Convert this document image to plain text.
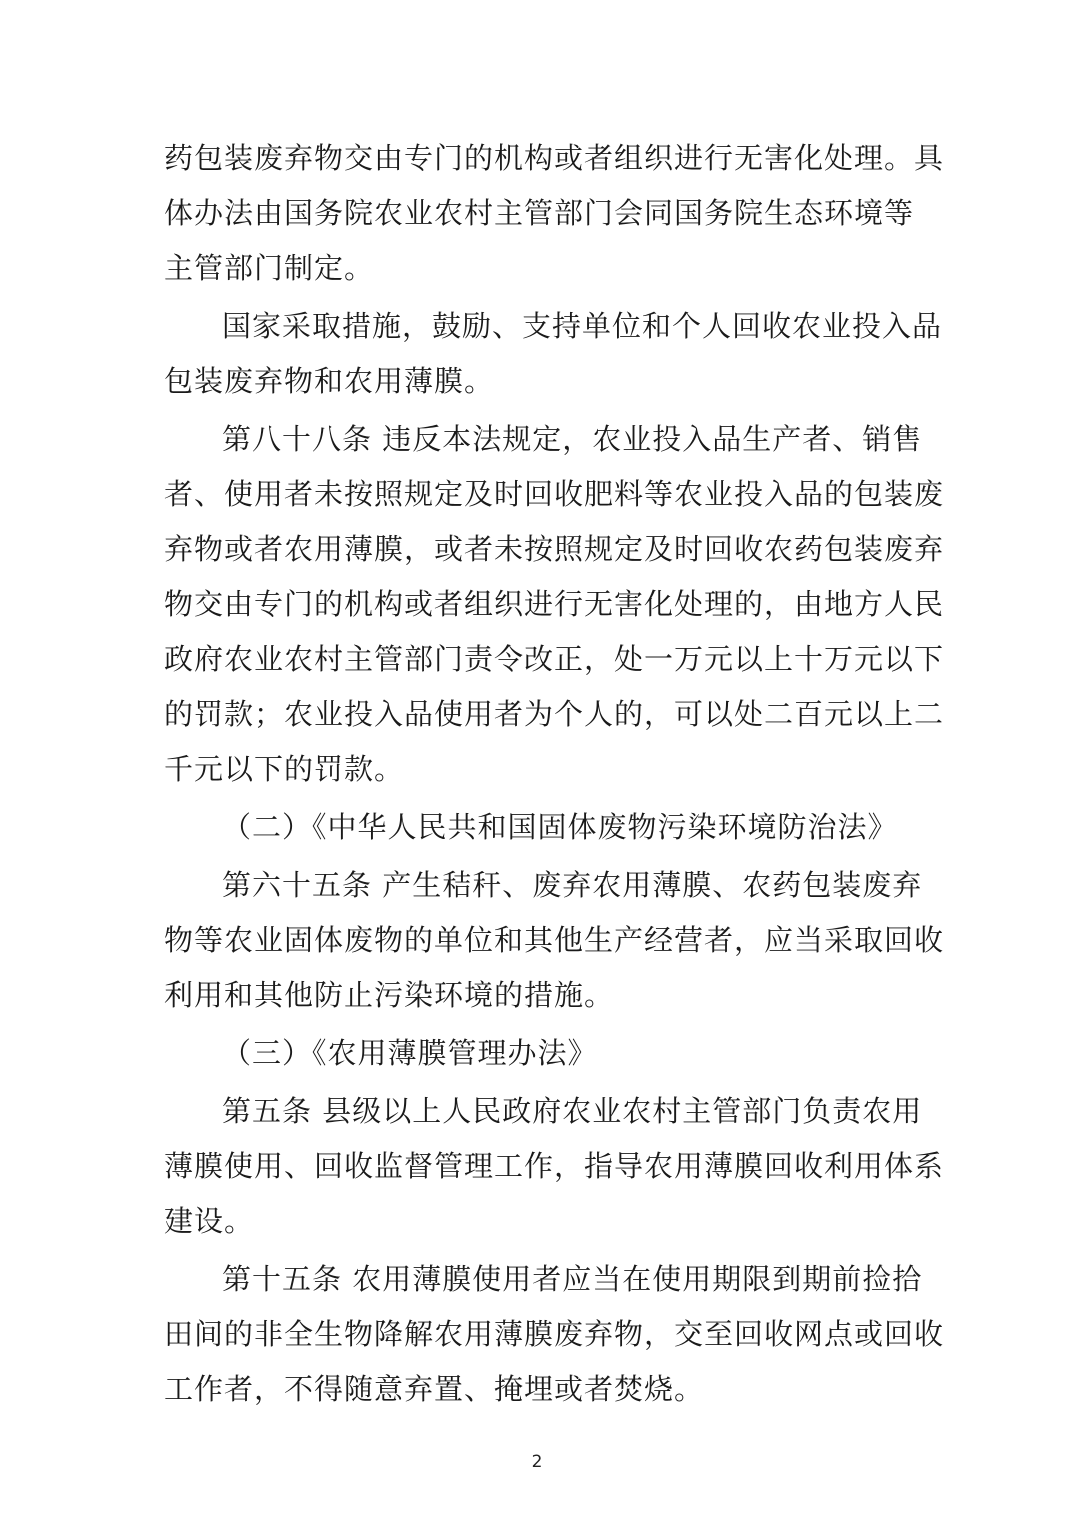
药包装废弃物交由专门的机构或者组织进行无害化处理。具
体办法由国务院农业农村主管部门会同国务院生态环境等
主管部门制定。
国家采取措施，鼓励、支持单位和个人回收农业投入品
包装废弃物和农用薄膜。
第八十八条 违反本法规定，农业投入品生产者、销售
者、使用者未按照规定及时回收肥料等农业投入品的包装废
弃物或者农用薄膜，或者未按照规定及时回收农药包装废弃
物交由专门的机构或者组织进行无害化处理的，由地方人民
政府农业农村主管部门责令改正，处一万元以上十万元以下
的罚款；农业投入品使用者为个人的，可以处二百元以上二
千元以下的罚款。
（二）《中华人民共和国固体废物污染环境防治法》
第六十五条 产生秸秆、废弃农用薄膜、农药包装废弃
物等农业固体废物的单位和其他生产经营者，应当采取回收
利用和其他防止污染环境的措施。
（三）《农用薄膜管理办法》
第五条 县级以上人民政府农业农村主管部门负责农用
薄膜使用、回收监督管理工作，指导农用薄膜回收利用体系
建设。
第十五条 农用薄膜使用者应当在使用期限到期前捡拾
田间的非全生物降解农用薄膜废弃物，交至回收网点或回收
工作者，不得随意弃置、掩埋或者焚烧。
2
